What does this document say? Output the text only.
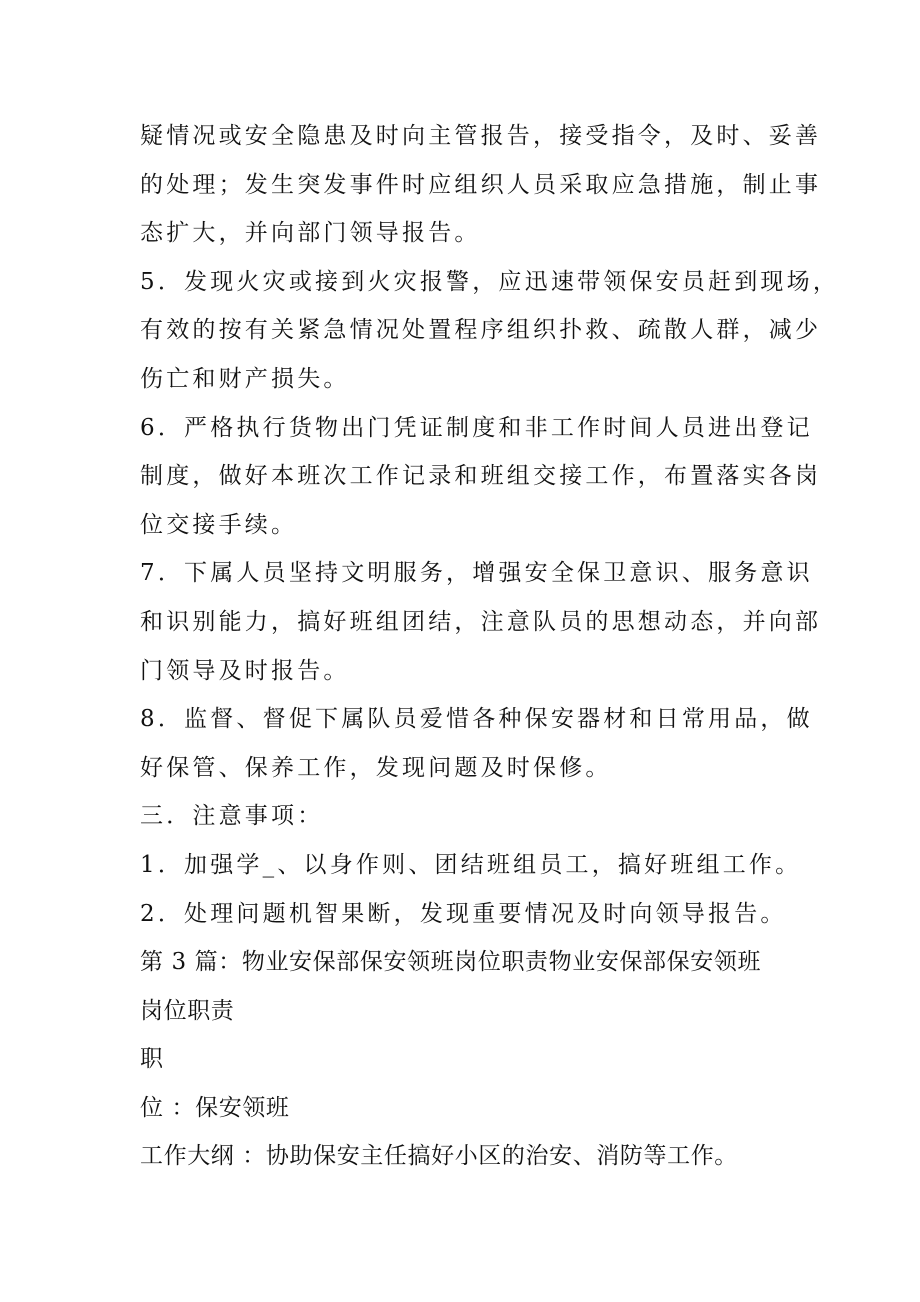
疑情况或安全隐患及时向主管报告，接受指令，及时、妥善
的处理；发生突发事件时应组织人员采取应急措施，制止事
态扩大，并向部门领导报告。
5．发现火灾或接到火灾报警，应迅速带领保安员赶到现场，
有效的按有关紧急情况处置程序组织扑救、疏散人群，减少
伤亡和财产损失。
6．严格执行货物出门凭证制度和非工作时间人员进出登记
制度，做好本班次工作记录和班组交接工作，布置落实各岗
位交接手续。
7．下属人员坚持文明服务，增强安全保卫意识、服务意识
和识别能力，搞好班组团结，注意队员的思想动态，并向部
门领导及时报告。
8．监督、督促下属队员爱惜各种保安器材和日常用品，做
好保管、保养工作，发现问题及时保修。
三．注意事项：
1．加强学_、以身作则、团结班组员工，搞好班组工作。
2．处理问题机智果断，发现重要情况及时向领导报告。
第 3 篇：物业安保部保安领班岗位职责物业安保部保安领班
岗位职责
职
位 ：保安领班
工作大纲 ：协助保安主任搞好小区的治安、消防等工作。
